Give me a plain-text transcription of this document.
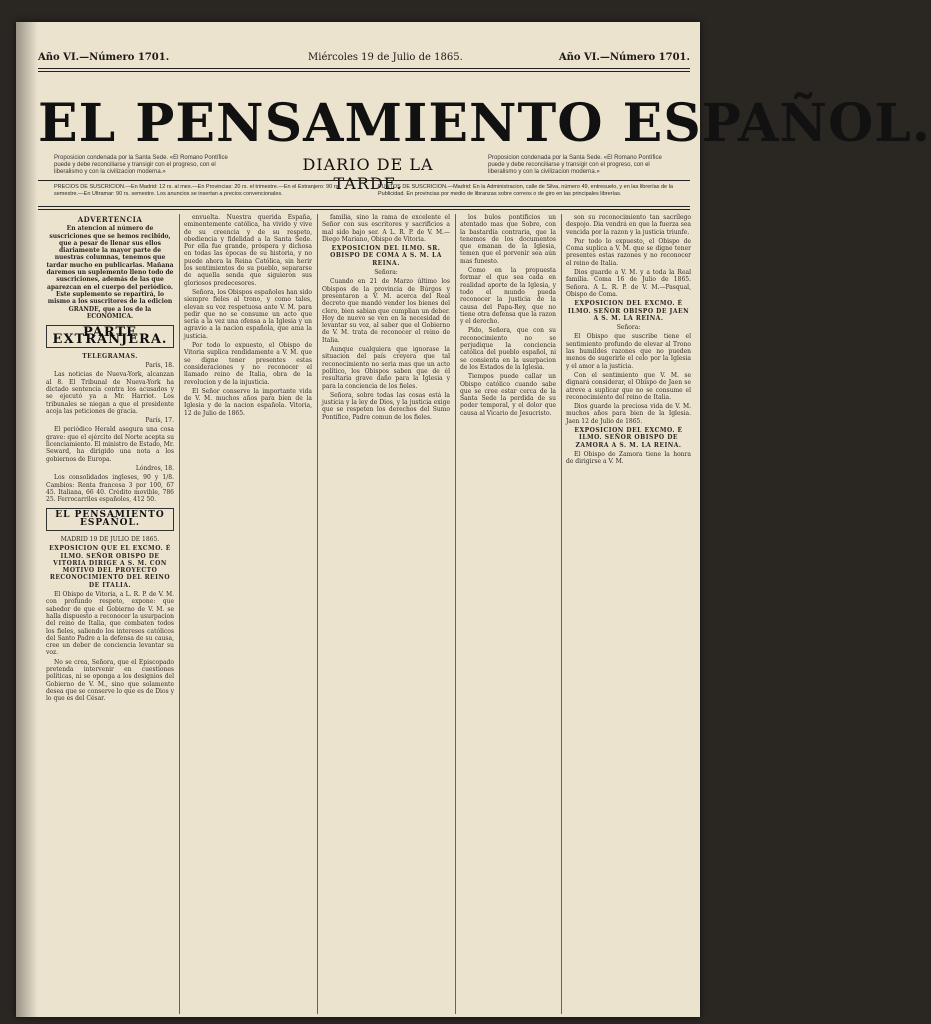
Año VI.—Número 1701.	Miércoles 19 de Julio de 1865.	Año VI.—Número 1701.
EL PENSAMIENTO ESPAÑOL.
Proposicion condenada por la Santa Sede. «El Romano Pontífice puede y debe reconciliarse y transigir con el progreso, con el liberalismo y con la civilizacion moderna.»	DIARIO DE LA TARDE.
Proposicion condenada por la Santa Sede. «El Romano Pontífice puede y debe reconciliarse y transigir con el progreso, con el liberalismo y con la civilizacion moderna.»
PRECIOS DE SUSCRICION.—En Madrid: 12 rs. al mes.—En Provincias: 20 rs. el trimestre.—En el Extranjero: 90 rs. semestre.—En Ultramar: 90 rs. semestre. Los anuncios se insertan a precios convencionales.
PUNTOS DE SUSCRICION.—Madrid: En la Administracion, calle de Silva, número 49, entresuelo, y en las librerías de la Publicidad. En provincias por medio de libranzas sobre correos o de giro en las principales librerías.
ADVERTENCIA
En atencion al número de suscriciones que se hemos recibido, que a pesar de llenar sus ellos diariamente la mayor parte de nuestras columnas, tenemos que tardar mucho en publicarlas. Mañana daremos un suplemento lleno todo de suscriciones, además de las que aparezcan en el cuerpo del periódico. Este suplemento se repartirá, lo mismo a los suscritores de la edicion GRANDE, que a los de la ECONÓMICA.
PARTE EXTRANJERA.
TELEGRAMAS.
París, 18.

Las noticias de Nueva-York, alcanzan al 8. El Tribunal de Nueva-York ha dictado sentencia contra los acusados y se ejecutó ya a Mr. Harriot. Los tribunales se niegan a que el presidente acoja las peticiones de gracia.

París, 17.

El periódico Herald asegura una cosa grave: que el ejército del Norte acepta su licenciamiento. El ministro de Estado, Mr. Seward, ha dirigido una nota a los gobiernos de Europa.

Lóndres, 18.

Los consolidados ingleses, 90 y 1/8. Cambios: Renta francesa 3 por 100, 67 45. Italiana, 66 40. Crédito movible, 786 25. Ferrocarriles españoles, 412 50.

EL PENSAMIENTO ESPAÑOL.
MADRID 19 DE JULIO DE 1865.
EXPOSICION QUE EL EXCMO. É ILMO. SEÑOR OBISPO DE VITORIA DIRIGE A S. M. CON MOTIVO DEL PROYECTO RECONOCIMIENTO DEL REINO DE ITALIA.

El Obispo de Vitoria, a L. R. P. de V. M. con profundo respeto, expone: que sabedor de que el Gobierno de V. M. se halla dispuesto a reconocer la usurpacion del reino de Italia, que combaten todos los fieles, saliendo los intereses católicos del Santo Padre a la defensa de su causa, cree un deber de conciencia levantar su voz.

No se crea, Señora, que el Episcopado pretenda intervenir en cuestiones políticas, ni se oponga a los designios del Gobierno de V. M., sino que solamente desea que se conserve lo que es de Dios y lo que es del César.

envuelta. Nuestra querida España, eminentemente católica, ha vivido y vive de su creencia y de su respeto, obediencia y fidelidad a la Santa Sede. Por ella fue grande, próspera y dichosa en todas las épocas de su historia, y no puede ahora la Reina Católica, sin herir los sentimientos de su pueblo, separarse de aquella senda que siguieron sus gloriosos predecesores.

Señora, los Obispos españoles han sido siempre fieles al trono, y como tales, elevan su voz respetuosa ante V. M. para pedir que no se consume un acto que sería a la vez una ofensa a la Iglesia y un agravio a la nacion española, que ama la justicia.

Por todo lo expuesto, el Obispo de Vitoria suplica rendidamente a V. M. que se digne tener presentes estas consideraciones y no reconocer el llamado reino de Italia, obra de la revolucion y de la injusticia.

El Señor conserve la importante vida de V. M. muchos años para bien de la Iglesia y de la nacion española. Vitoria, 12 de Julio de 1865.

familia, sino la rama de excelente el Señor con sus escritores y sacrificios a mal sido bajo ser. A L. R. P. de V. M.—Diego Mariano, Obispo de Vitoria.

EXPOSICION DEL ILMO. SR. OBISPO DE COMA A S. M. LA REINA.
Señora:

Cuando en 21 de Marzo último los Obispos de la provincia de Búrgos y presentaron a V. M. acerca del Real decreto que mandó vender los bienes del clero, bien sabian que cumplian un deber. Hoy de nuevo se ven en la necesidad de levantar su voz, al saber que el Gobierno de V. M. trata de reconocer el reino de Italia.

Aunque cualquiera que ignorase la situacion del país creyera que tal reconocimiento no seria mas que un acto político, los Obispos saben que de él resultaria grave daño para la Iglesia y para la conciencia de los fieles.

Señora, sobre todas las cosas está la justicia y la ley de Dios, y la justicia exige que se respeten los derechos del Sumo Pontífice, Padre comun de los fieles.

los bulos pontificios un atentado mas que Sobre, con la bastardía contraria, que la tenemos de los documentos que emanan de la Iglesia, temen que el porvenir sea aún mas funesto.

Como en la propuesta formar el que sea cada en realidad aporte de la Iglesia, y todo el mundo pueda reconocer la justicia de la causa del Papa-Rey, que no tiene otra defensa que la razon y el derecho.

Pido, Señora, que con su reconocimiento no se perjudique la conciencia católica del pueblo español, ni se consienta en la usurpacion de los Estados de la Iglesia.

Tiempos puede callar un Obispo católico cuando sabe que se cree estar cerca de la Santa Sede la perdida de su poder temporal, y el dolor que causa al Vicario de Jesucristo.

son su reconocimiento tan sacrílego despojo. Dia vendrá en que la fuerza sea vencida por la razon y la justicia triunfe.

Por todo lo expuesto, el Obispo de Coma suplica a V. M. que se digne tener presentes estas razones y no reconocer el reino de Italia.

Dios guarde a V. M. y a toda la Real familia. Coma 16 de Julio de 1865. Señora. A L. R. P. de V. M.—Pasqual, Obispo de Coma.

EXPOSICION DEL EXCMO. É ILMO. SEÑOR OBISPO DE JAEN A S. M. LA REINA.
Señora:

El Obispo que suscribe tiene el sentimiento profundo de elevar al Trono las humildes razones que no pueden menos de sugerirle el celo por la Iglesia y el amor a la justicia.

Con el sentimiento que V. M. se dignará considerar, el Obispo de Jaen se atreve a suplicar que no se consume el reconocimiento del reino de Italia.

Dios guarde la preciosa vida de V. M. muchos años para bien de la Iglesia. Jaen 12 de Julio de 1865.

EXPOSICION DEL EXCMO. É ILMO. SEÑOR OBISPO DE ZAMORA A S. M. LA REINA.

El Obispo de Zamora tiene la honra de dirigirse a V. M.
